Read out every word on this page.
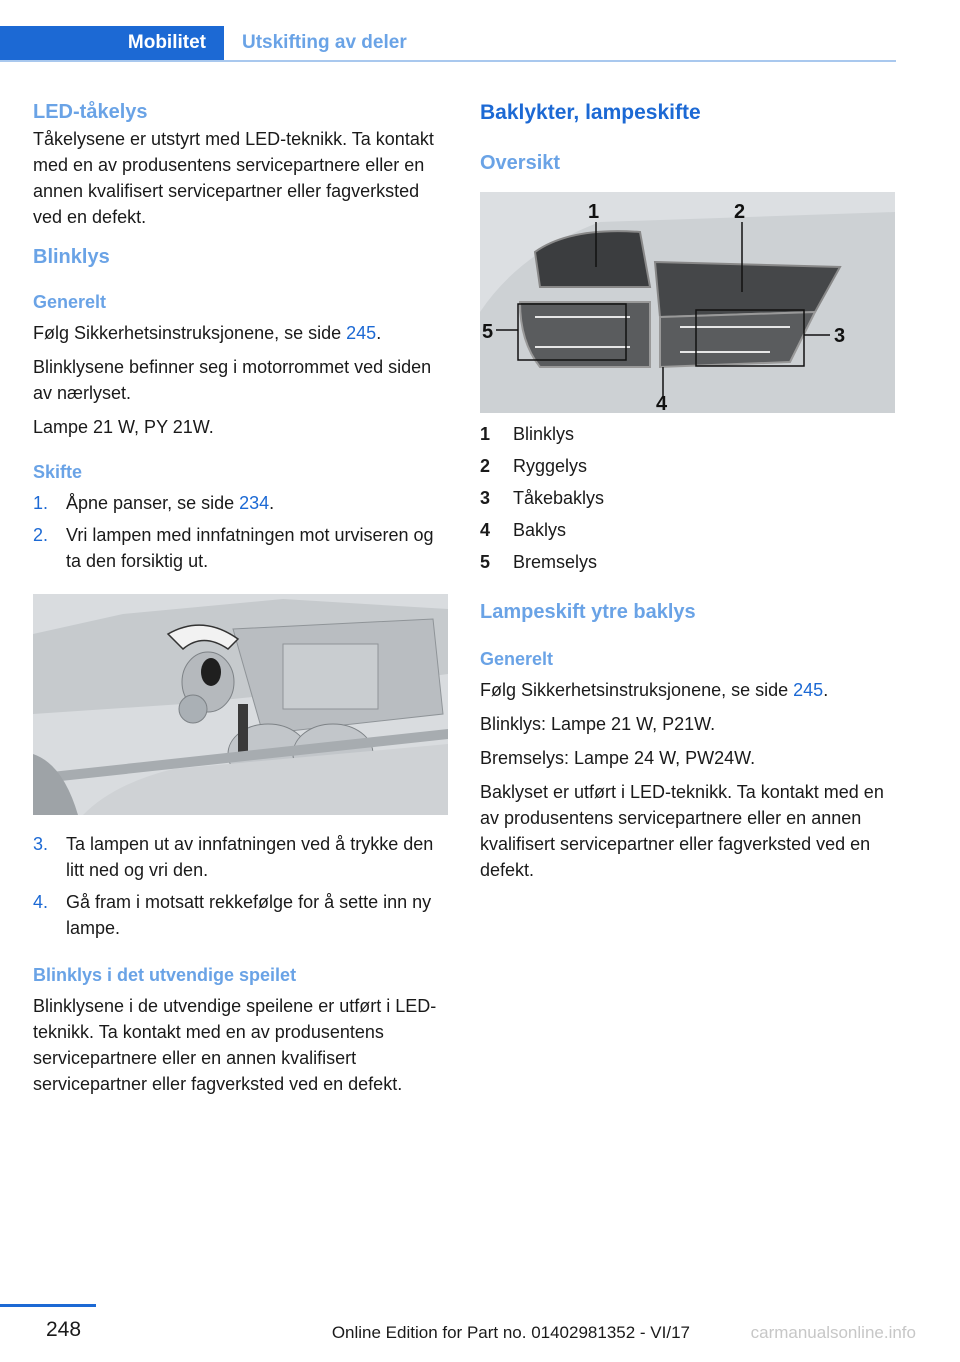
Mobilitet	Utskifting av deler
LED-tåkelys

Tåkelysene er utstyrt med LED-teknikk. Ta kontakt med en av produsentens servicepartnere eller en annen kvalifisert servicepartner eller fagverksted ved en defekt.

Blinklys
Generelt

Følg Sikkerhetsinstruksjonene, se side 245.

Blinklysene befinner seg i motorrommet ved siden av nærlyset.

Lampe 21 W, PY 21W.

Skifte
1. Åpne panser, se side 234.
2. Vri lampen med innfatningen mot urviseren og ta den forsiktig ut.
3. Ta lampen ut av innfatningen ved å trykke den litt ned og vri den.
4. Gå fram i motsatt rekkefølge for å sette inn ny lampe.
Blinklys i det utvendige speilet

Blinklysene i de utvendige speilene er utført i LED-teknikk. Ta kontakt med en av produsentens servicepartnere eller en annen kvalifisert servicepartner eller fagverksted ved en defekt.

Baklykter, lampeskifte
Oversikt
1	2
3
4
5
1	Blinklys
2	Ryggelys
3	Tåkebaklys
4	Baklys
5	Bremselys
Lampeskift ytre baklys
Generelt

Følg Sikkerhetsinstruksjonene, se side 245.

Blinklys: Lampe 21 W, P21W.

Bremselys: Lampe 24 W, PW24W.

Baklyset er utført i LED-teknikk. Ta kontakt med en av produsentens servicepartnere eller en annen kvalifisert servicepartner eller fagverksted ved en defekt.

248	Online Edition for Part no. 01402981352 - VI/17	carmanualsonline.info
